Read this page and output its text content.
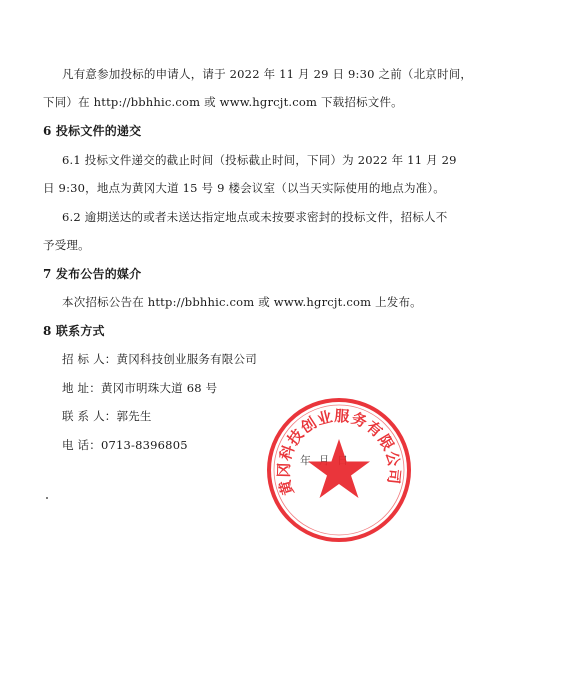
凡有意参加投标的申请人，请于 2022 年 11 月 29 日 9:30 之前（北京时间，
下同）在 http://bbhhic.com 或 www.hgrcjt.com 下载招标文件。
6 投标文件的递交
6.1 投标文件递交的截止时间（投标截止时间，下同）为 2022 年 11 月 29
日 9:30，地点为黄冈大道 15 号 9 楼会议室（以当天实际使用的地点为准）。
6.2 逾期送达的或者未送达指定地点或未按要求密封的投标文件，招标人不
予受理。
7 发布公告的媒介
本次招标公告在 http://bbhhic.com 或 www.hgrcjt.com 上发布。
8 联系方式
招 标 人：黄冈科技创业服务有限公司
地 址：黄冈市明珠大道 68 号
联 系 人：郭先生
电 话：0713-8396805
年 月 日
黄冈科技创业服务有限公司
